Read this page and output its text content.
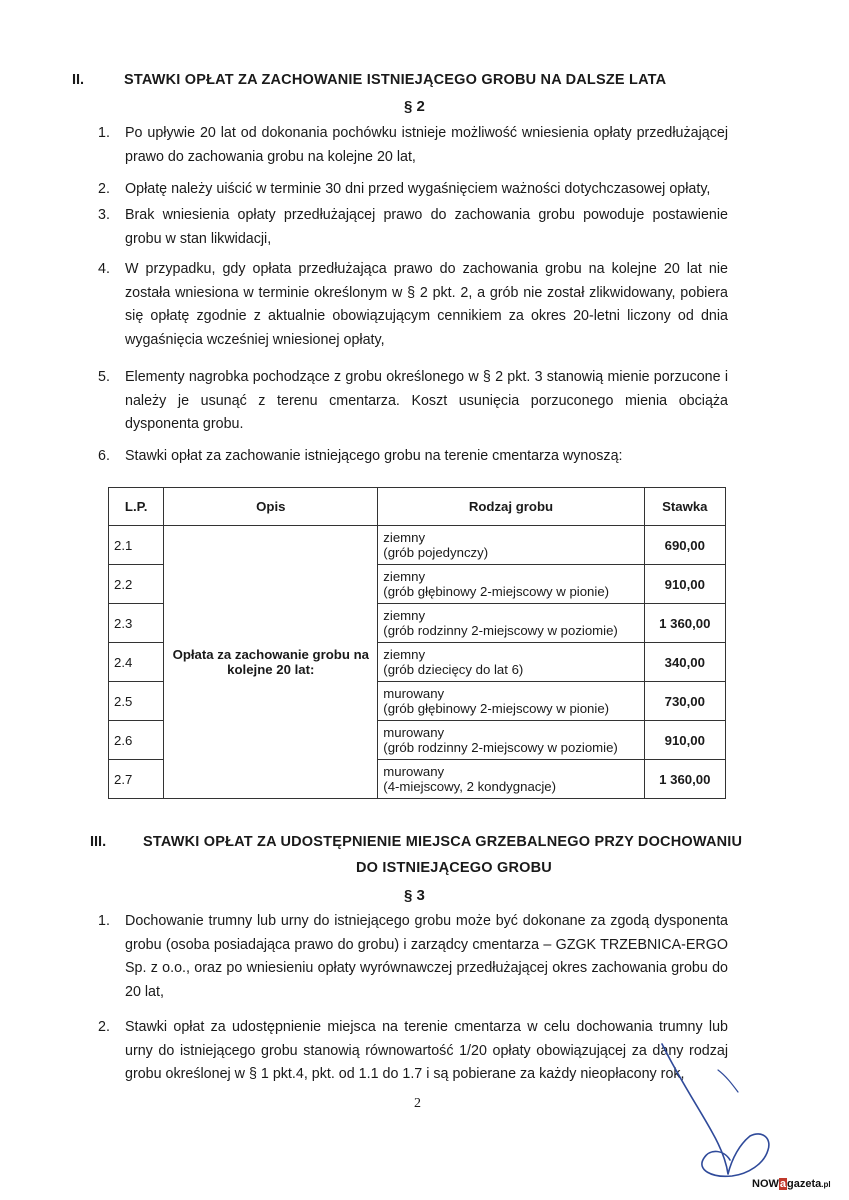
II.	STAWKI OPŁAT ZA ZACHOWANIE ISTNIEJĄCEGO GROBU NA DALSZE LATA
§ 2
1.	Po upływie 20 lat od dokonania pochówku istnieje możliwość wniesienia opłaty przedłużającej prawo do zachowania grobu na kolejne 20 lat,
2.	Opłatę należy uiścić w terminie 30 dni przed wygaśnięciem ważności dotychczasowej opłaty,
3.	Brak wniesienia opłaty przedłużającej prawo do zachowania grobu powoduje postawienie grobu w stan likwidacji,
4.	W przypadku, gdy opłata przedłużająca prawo do zachowania grobu na kolejne 20 lat nie została wniesiona w terminie określonym w § 2 pkt. 2, a grób nie został zlikwidowany, pobiera się opłatę zgodnie z aktualnie obowiązującym cennikiem za okres 20-letni liczony od dnia wygaśnięcia wcześniej wniesionej opłaty,
5.	Elementy nagrobka pochodzące z grobu określonego w § 2 pkt. 3 stanowią mienie porzucone i należy je usunąć z terenu cmentarza. Koszt usunięcia porzuconego mienia obciąża dysponenta grobu.
6.	Stawki opłat za zachowanie istniejącego grobu na terenie cmentarza wynoszą:
L.P.	Opis	Rodzaj grobu	Stawka
2.1	Opłata za zachowanie grobu na kolejne 20 lat:	ziemny
(grób pojedynczy)	690,00
2.2		ziemny
(grób głębinowy 2-miejscowy w pionie)	910,00
2.3		ziemny
(grób rodzinny 2-miejscowy w poziomie)	1 360,00
2.4		ziemny
(grób dziecięcy do lat 6)	340,00
2.5		murowany
(grób głębinowy 2-miejscowy w pionie)	730,00
2.6		murowany
(grób rodzinny 2-miejscowy w poziomie)	910,00
2.7		murowany
(4-miejscowy, 2 kondygnacje)	1 360,00
III.	STAWKI OPŁAT ZA UDOSTĘPNIENIE MIEJSCA GRZEBALNEGO PRZY DOCHOWANIU
DO ISTNIEJĄCEGO GROBU
§ 3
1.	Dochowanie trumny lub urny do istniejącego grobu może być dokonane za zgodą dysponenta grobu (osoba posiadająca prawo do grobu) i zarządcy cmentarza – GZGK TRZEBNICA-ERGO Sp. z o.o., oraz po wniesieniu opłaty wyrównawczej przedłużającej okres zachowania grobu do 20 lat,
2.	Stawki opłat za udostępnienie miejsca na terenie cmentarza w celu dochowania trumny lub urny do istniejącego grobu stanowią równowartość 1/20 opłaty obowiązującej za dany rodzaj grobu określonej w § 1 pkt.4, pkt. od 1.1 do 1.7 i są pobierane za każdy nieopłacony rok,
2
NOWagazeta.pl
